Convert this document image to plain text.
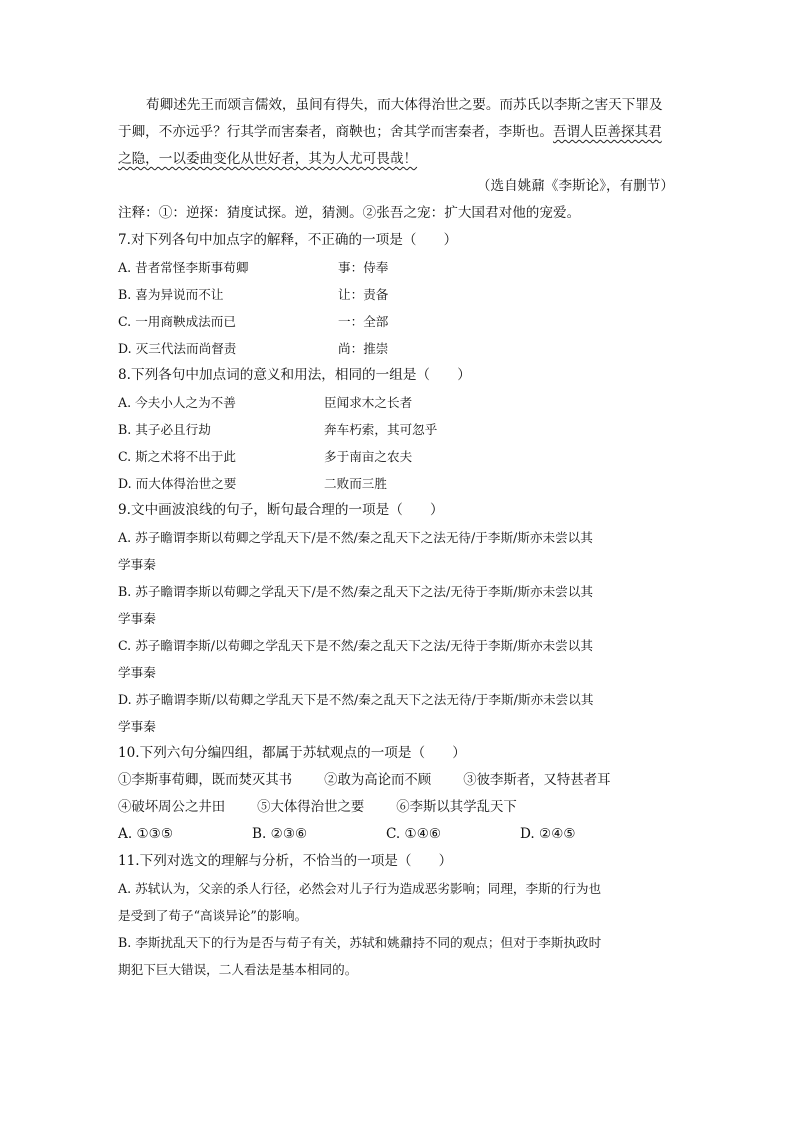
荀卿述先王而颂言儒效，虽间有得失，而大体得治世之要。而苏氏以李斯之害天下罪及于卿，不亦远乎？行其学而害秦者，商鞅也；舍其学而害秦者，李斯也。吾谓人臣善探其君之隐，一以委曲变化从世好者，其为人尤可畏哉！

（选自姚鼐《李斯论》，有删节）
注释：①：逆探：猜度试探。逆，猜测。②张吾之宠：扩大国君对他的宠爱。
7.对下列各句中加点字的解释，不正确的一项是（　　）
A. 昔者常怪李斯事荀卿	事：侍奉
B. 喜为异说而不让	让：责备
C. 一用商鞅成法而已	一：全部
D. 灭三代法而尚督责	尚：推崇
8.下列各句中加点词的意义和用法，相同的一组是（　　）
A. 今夫小人之为不善	臣闻求木之长者
B. 其子必且行劫	奔车朽索，其可忽乎
C. 斯之术将不出于此	多于南亩之农夫
D. 而大体得治世之要	二败而三胜
9.文中画波浪线的句子，断句最合理的一项是（　　）
A. 苏子瞻谓李斯以荀卿之学乱天下/是不然/秦之乱天下之法无待/于李斯/斯亦未尝以其
学事秦
B. 苏子瞻谓李斯以荀卿之学乱天下/是不然/秦之乱天下之法/无待于李斯/斯亦未尝以其
学事秦
C. 苏子瞻谓李斯/以荀卿之学乱天下是不然/秦之乱天下之法/无待于李斯/斯亦未尝以其
学事秦
D. 苏子瞻谓李斯/以荀卿之学乱天下是不然/秦之乱天下之法无待/于李斯/斯亦未尝以其
学事秦
10.下列六句分编四组，都属于苏轼观点的一项是（　　）
①李斯事荀卿，既而焚灭其书 ②敢为高论而不顾 ③彼李斯者，又特甚者耳
④破坏周公之井田 ⑤大体得治世之要 ⑥李斯以其学乱天下
A. ①③⑤	B. ②③⑥	C. ①④⑥	D. ②④⑤
11.下列对选文的理解与分析，不恰当的一项是（　　）
A. 苏轼认为，父亲的杀人行径，必然会对儿子行为造成恶劣影响；同理，李斯的行为也
是受到了荀子“高谈异论”的影响。
B. 李斯扰乱天下的行为是否与荀子有关，苏轼和姚鼐持不同的观点；但对于李斯执政时
期犯下巨大错误，二人看法是基本相同的。
